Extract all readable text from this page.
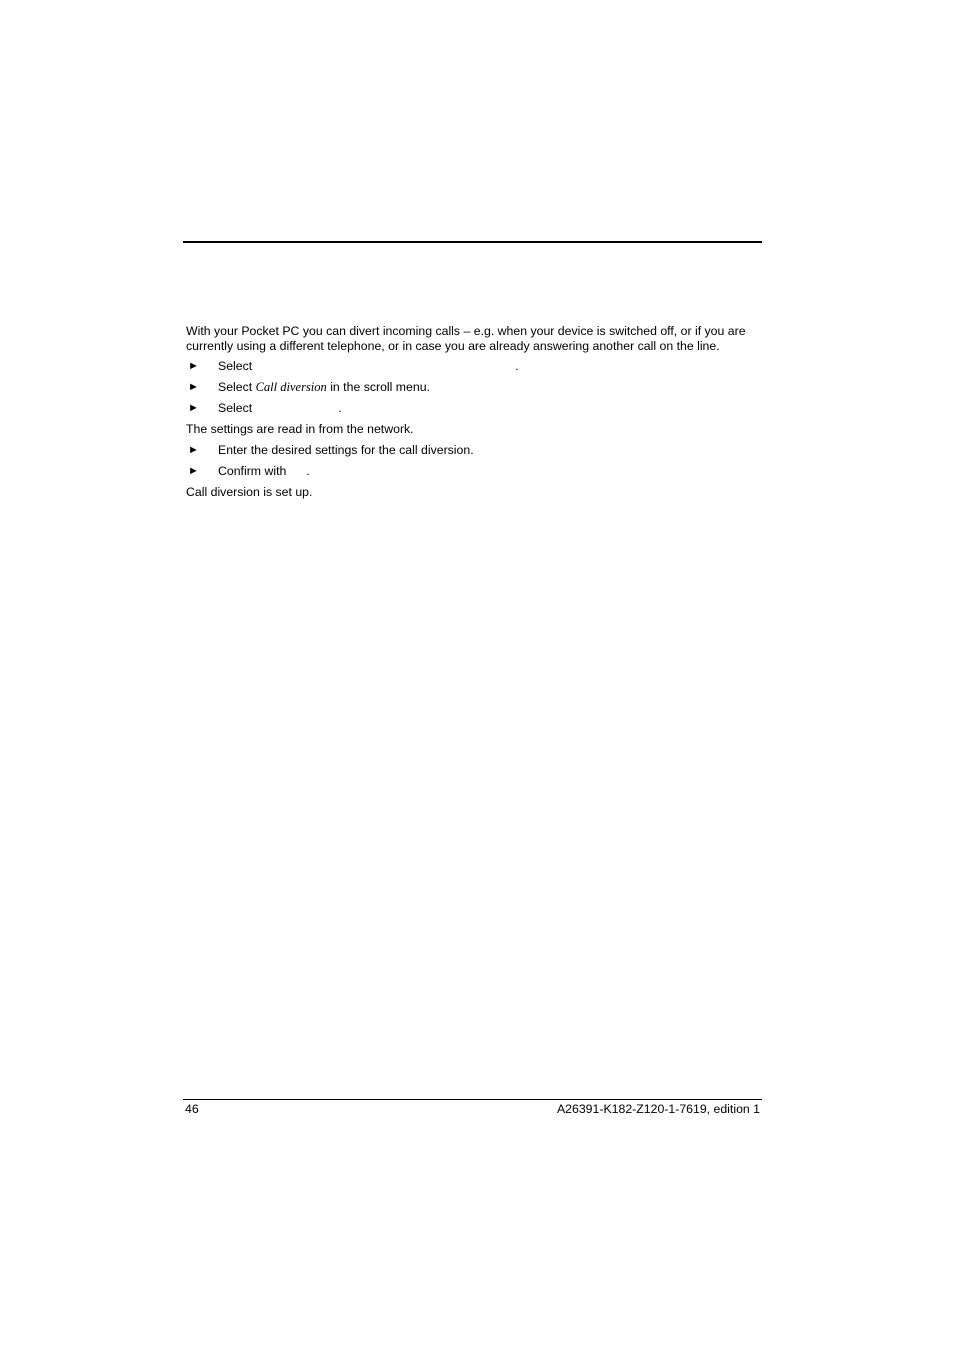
With your Pocket PC you can divert incoming calls – e.g. when your device is switched off, or if you are currently using a different telephone, or in case you are already answering another call on the line.

► Select	.
► Select Call diversion in the scroll menu.
► Select	.
The settings are read in from the network.
► Enter the desired settings for the call diversion.
► Confirm with .
Call diversion is set up.
46	A26391-K182-Z120-1-7619, edition 1
